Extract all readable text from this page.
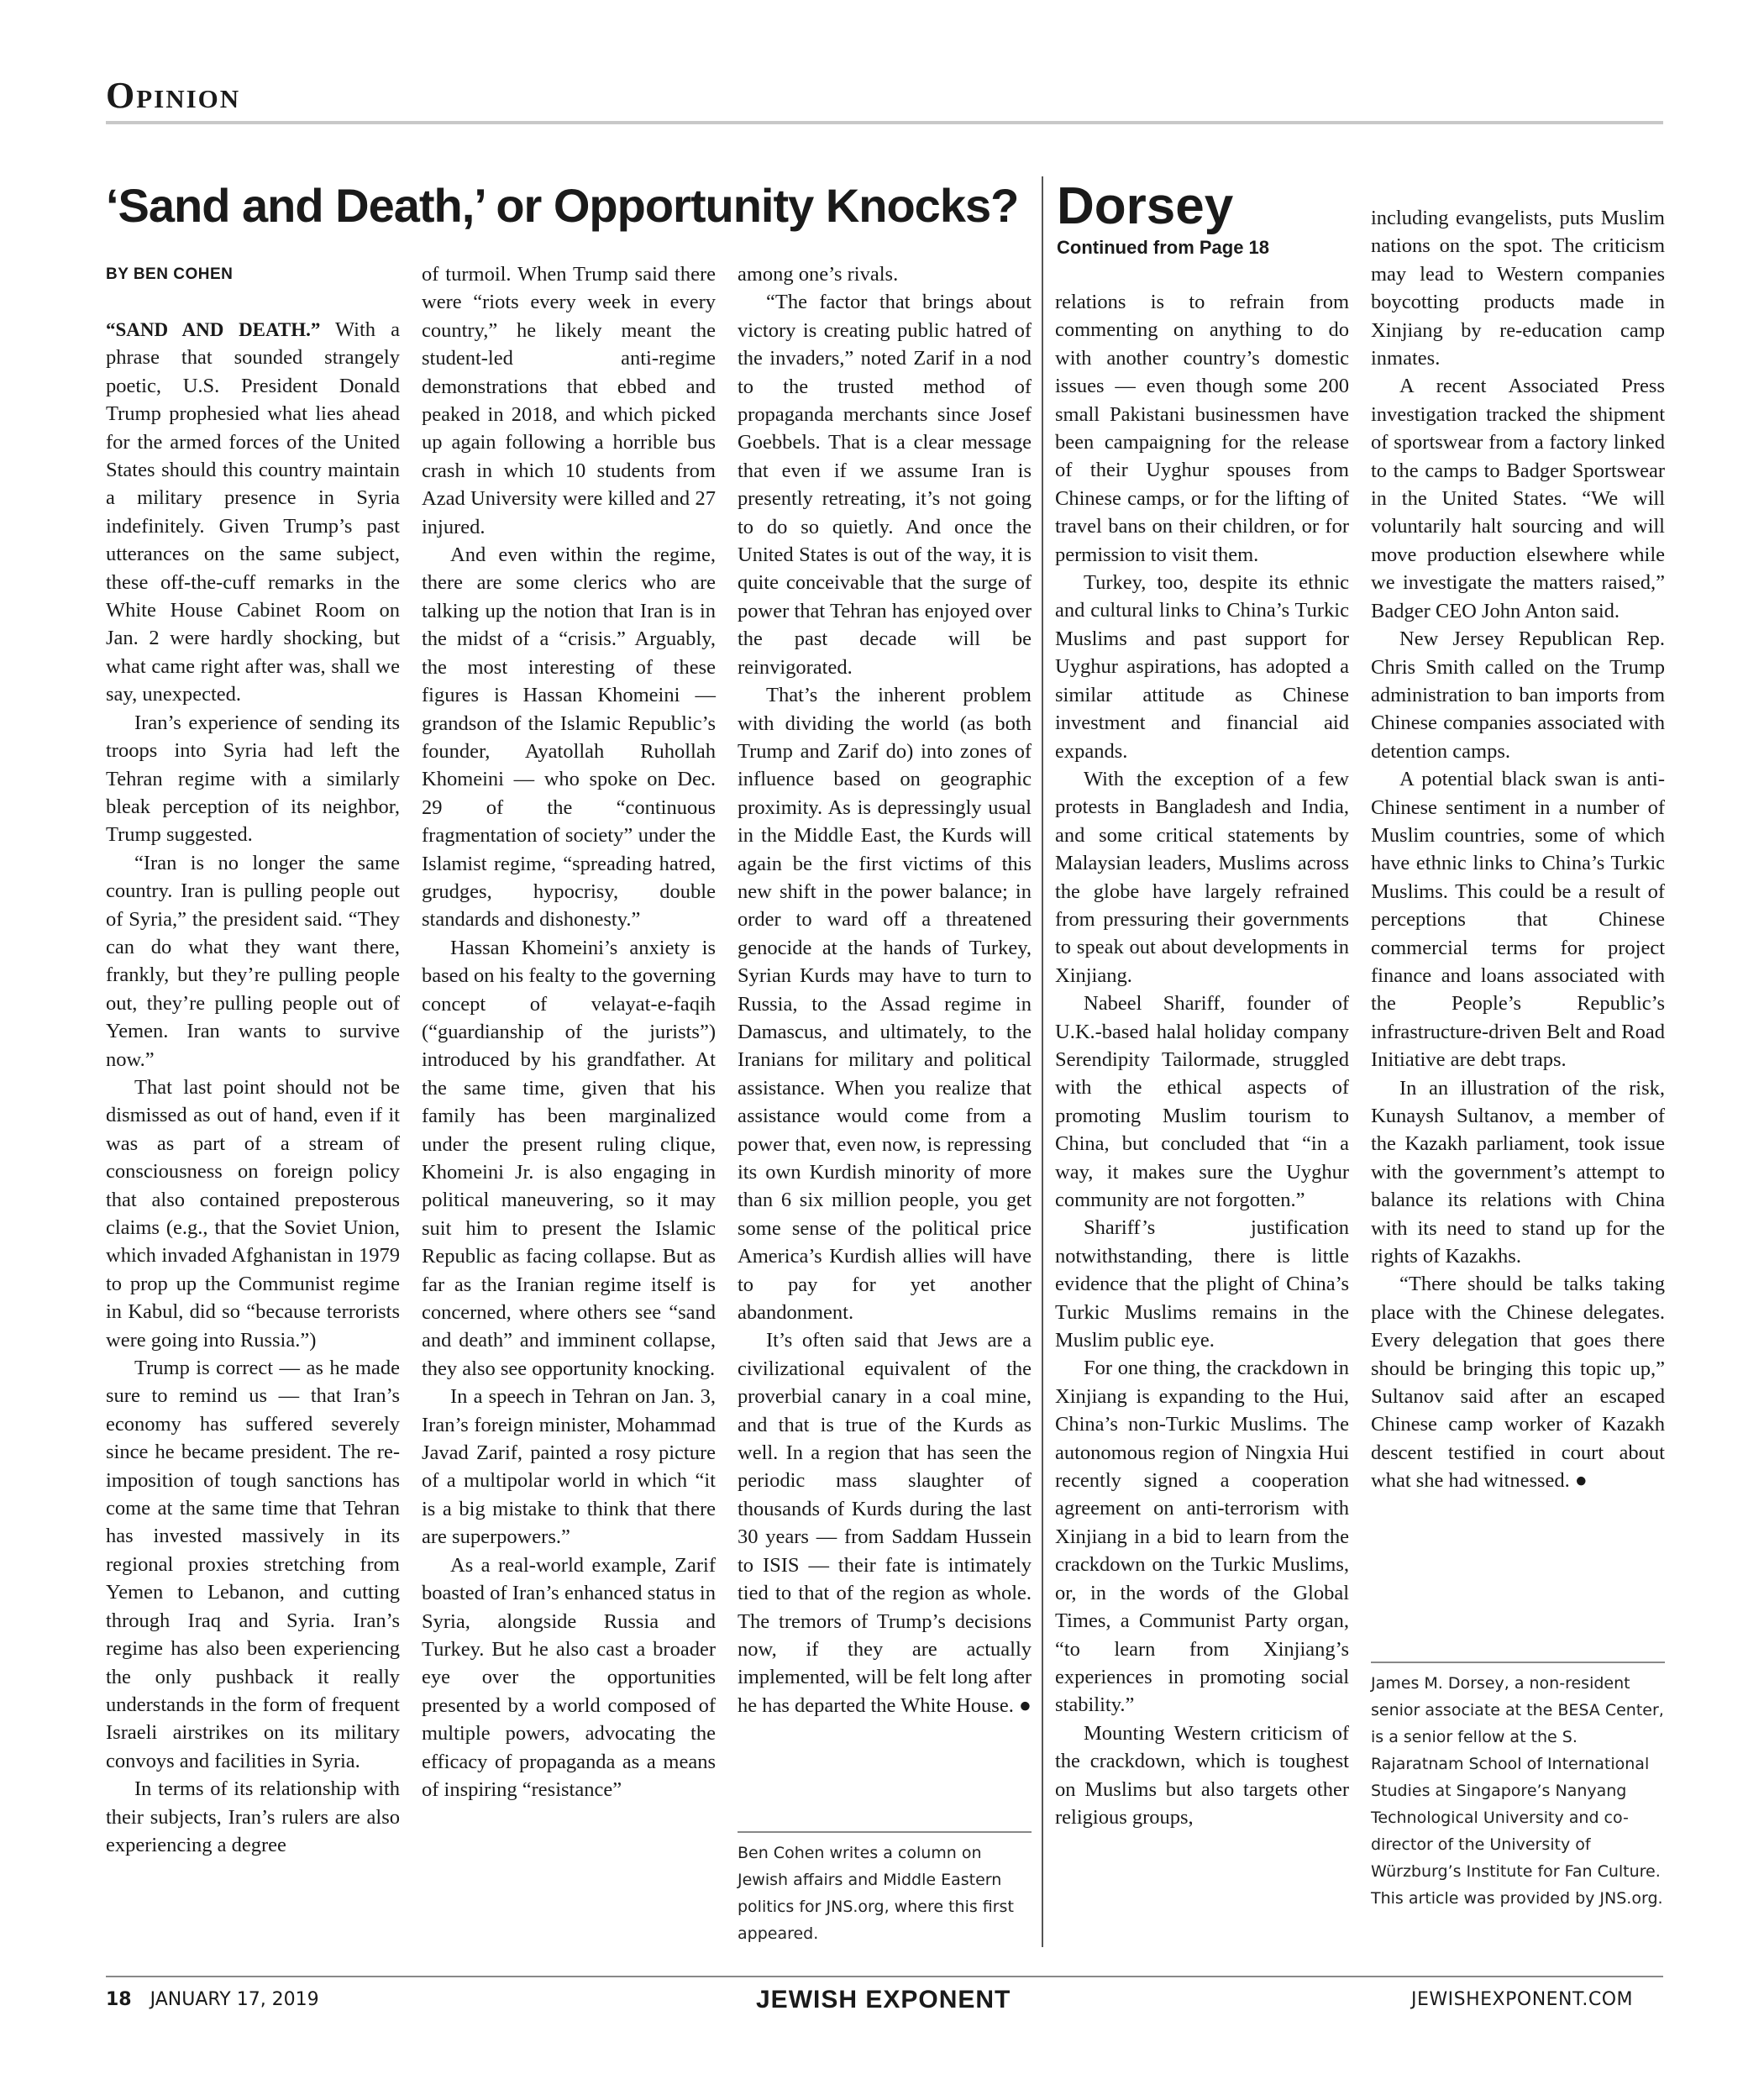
Opinion
‘Sand and Death,’ or Opportunity Knocks?
BY BEN COHEN
Dorsey
Continued from Page 18

“SAND AND DEATH.” With a phrase that sounded strangely poetic, U.S. President Donald Trump prophesied what lies ahead for the armed forces of the United States should this country maintain a military presence in Syria indefinitely. Given Trump’s past utterances on the same subject, these off-the-cuff remarks in the White House Cabinet Room on Jan. 2 were hardly shocking, but what came right after was, shall we say, unexpected.

Iran’s experience of sending its troops into Syria had left the Tehran regime with a similarly bleak perception of its neighbor, Trump suggested.

“Iran is no longer the same country. Iran is pulling people out of Syria,” the president said. “They can do what they want there, frankly, but they’re pulling people out, they’re pulling people out of Yemen. Iran wants to survive now.”

That last point should not be dismissed as out of hand, even if it was as part of a stream of consciousness on foreign policy that also contained preposterous claims (e.g., that the Soviet Union, which invaded Afghanistan in 1979 to prop up the Communist regime in Kabul, did so “because terrorists were going into Russia.”)

Trump is correct — as he made sure to remind us — that Iran’s economy has suffered severely since he became president. The re-imposition of tough sanctions has come at the same time that Tehran has invested massively in its regional proxies stretching from Yemen to Lebanon, and cutting through Iraq and Syria. Iran’s regime has also been experiencing the only pushback it really understands in the form of frequent Israeli airstrikes on its military convoys and facilities in Syria.

In terms of its relationship with their subjects, Iran’s rulers are also experiencing a degree

of turmoil. When Trump said there were “riots every week in every country,” he likely meant the student-led anti-regime demonstrations that ebbed and peaked in 2018, and which picked up again following a horrible bus crash in which 10 students from Azad University were killed and 27 injured.

And even within the regime, there are some clerics who are talking up the notion that Iran is in the midst of a “crisis.” Arguably, the most interesting of these figures is Hassan Khomeini — grandson of the Islamic Republic’s founder, Ayatollah Ruhollah Khomeini — who spoke on Dec. 29 of the “continuous fragmentation of society” under the Islamist regime, “spreading hatred, grudges, hypocrisy, double standards and dishonesty.”

Hassan Khomeini’s anxiety is based on his fealty to the governing concept of velayat-e-faqih (“guardianship of the jurists”) introduced by his grandfather. At the same time, given that his family has been marginalized under the present ruling clique, Khomeini Jr. is also engaging in political maneuvering, so it may suit him to present the Islamic Republic as facing collapse. But as far as the Iranian regime itself is concerned, where others see “sand and death” and imminent collapse, they also see opportunity knocking.

In a speech in Tehran on Jan. 3, Iran’s foreign minister, Mohammad Javad Zarif, painted a rosy picture of a multipolar world in which “it is a big mistake to think that there are superpowers.”

As a real-world example, Zarif boasted of Iran’s enhanced status in Syria, alongside Russia and Turkey. But he also cast a broader eye over the opportunities presented by a world composed of multiple powers, advocating the efficacy of propaganda as a means of inspiring “resistance”

among one’s rivals.

“The factor that brings about victory is creating public hatred of the invaders,” noted Zarif in a nod to the trusted method of propaganda merchants since Josef Goebbels. That is a clear message that even if we assume Iran is presently retreating, it’s not going to do so quietly. And once the United States is out of the way, it is quite conceivable that the surge of power that Tehran has enjoyed over the past decade will be reinvigorated.

That’s the inherent problem with dividing the world (as both Trump and Zarif do) into zones of influence based on geographic proximity. As is depressingly usual in the Middle East, the Kurds will again be the first victims of this new shift in the power balance; in order to ward off a threatened genocide at the hands of Turkey, Syrian Kurds may have to turn to Russia, to the Assad regime in Damascus, and ultimately, to the Iranians for military and political assistance. When you realize that assistance would come from a power that, even now, is repressing its own Kurdish minority of more than 6 six million people, you get some sense of the political price America’s Kurdish allies will have to pay for yet another abandonment.

It’s often said that Jews are a civilizational equivalent of the proverbial canary in a coal mine, and that is true of the Kurds as well. In a region that has seen the periodic mass slaughter of thousands of Kurds during the last 30 years — from Saddam Hussein to ISIS — their fate is intimately tied to that of the region as whole. The tremors of Trump’s decisions now, if they are actually implemented, will be felt long after he has departed the White House. ●

Ben Cohen writes a column on Jewish affairs and Middle Eastern politics for JNS.org, where this first appeared.

relations is to refrain from commenting on anything to do with another country’s domestic issues — even though some 200 small Pakistani businessmen have been campaigning for the release of their Uyghur spouses from Chinese camps, or for the lifting of travel bans on their children, or for permission to visit them.

Turkey, too, despite its ethnic and cultural links to China’s Turkic Muslims and past support for Uyghur aspirations, has adopted a similar attitude as Chinese investment and financial aid expands.

With the exception of a few protests in Bangladesh and India, and some critical statements by Malaysian leaders, Muslims across the globe have largely refrained from pressuring their governments to speak out about developments in Xinjiang.

Nabeel Shariff, founder of U.K.-based halal holiday company Serendipity Tailormade, struggled with the ethical aspects of promoting Muslim tourism to China, but concluded that “in a way, it makes sure the Uyghur community are not forgotten.”

Shariff’s justification notwithstanding, there is little evidence that the plight of China’s Turkic Muslims remains in the Muslim public eye.

For one thing, the crackdown in Xinjiang is expanding to the Hui, China’s non-Turkic Muslims. The autonomous region of Ningxia Hui recently signed a cooperation agreement on anti-terrorism with Xinjiang in a bid to learn from the crackdown on the Turkic Muslims, or, in the words of the Global Times, a Communist Party organ, “to learn from Xinjiang’s experiences in promoting social stability.”

Mounting Western criticism of the crackdown, which is toughest on Muslims but also targets other religious groups,

including evangelists, puts Muslim nations on the spot. The criticism may lead to Western companies boycotting products made in Xinjiang by re-education camp inmates.

A recent Associated Press investigation tracked the shipment of sportswear from a factory linked to the camps to Badger Sportswear in the United States. “We will voluntarily halt sourcing and will move production elsewhere while we investigate the matters raised,” Badger CEO John Anton said.

New Jersey Republican Rep. Chris Smith called on the Trump administration to ban imports from Chinese companies associated with detention camps.

A potential black swan is anti-Chinese sentiment in a number of Muslim countries, some of which have ethnic links to China’s Turkic Muslims. This could be a result of perceptions that Chinese commercial terms for project finance and loans associated with the People’s Republic’s infrastructure-driven Belt and Road Initiative are debt traps.

In an illustration of the risk, Kunaysh Sultanov, a member of the Kazakh parliament, took issue with the government’s attempt to balance its relations with China with its need to stand up for the rights of Kazakhs.

“There should be talks taking place with the Chinese delegates. Every delegation that goes there should be bringing this topic up,” Sultanov said after an escaped Chinese camp worker of Kazakh descent testified in court about what she had witnessed. ●

James M. Dorsey, a non-resident senior associate at the BESA Center, is a senior fellow at the S. Rajaratnam School of International Studies at Singapore’s Nanyang Technological University and co-director of the University of Würzburg’s Institute for Fan Culture. This article was provided by JNS.org.
18 JANUARY 17, 2019	JEWISH EXPONENT	JEWISHEXPONENT.COM
